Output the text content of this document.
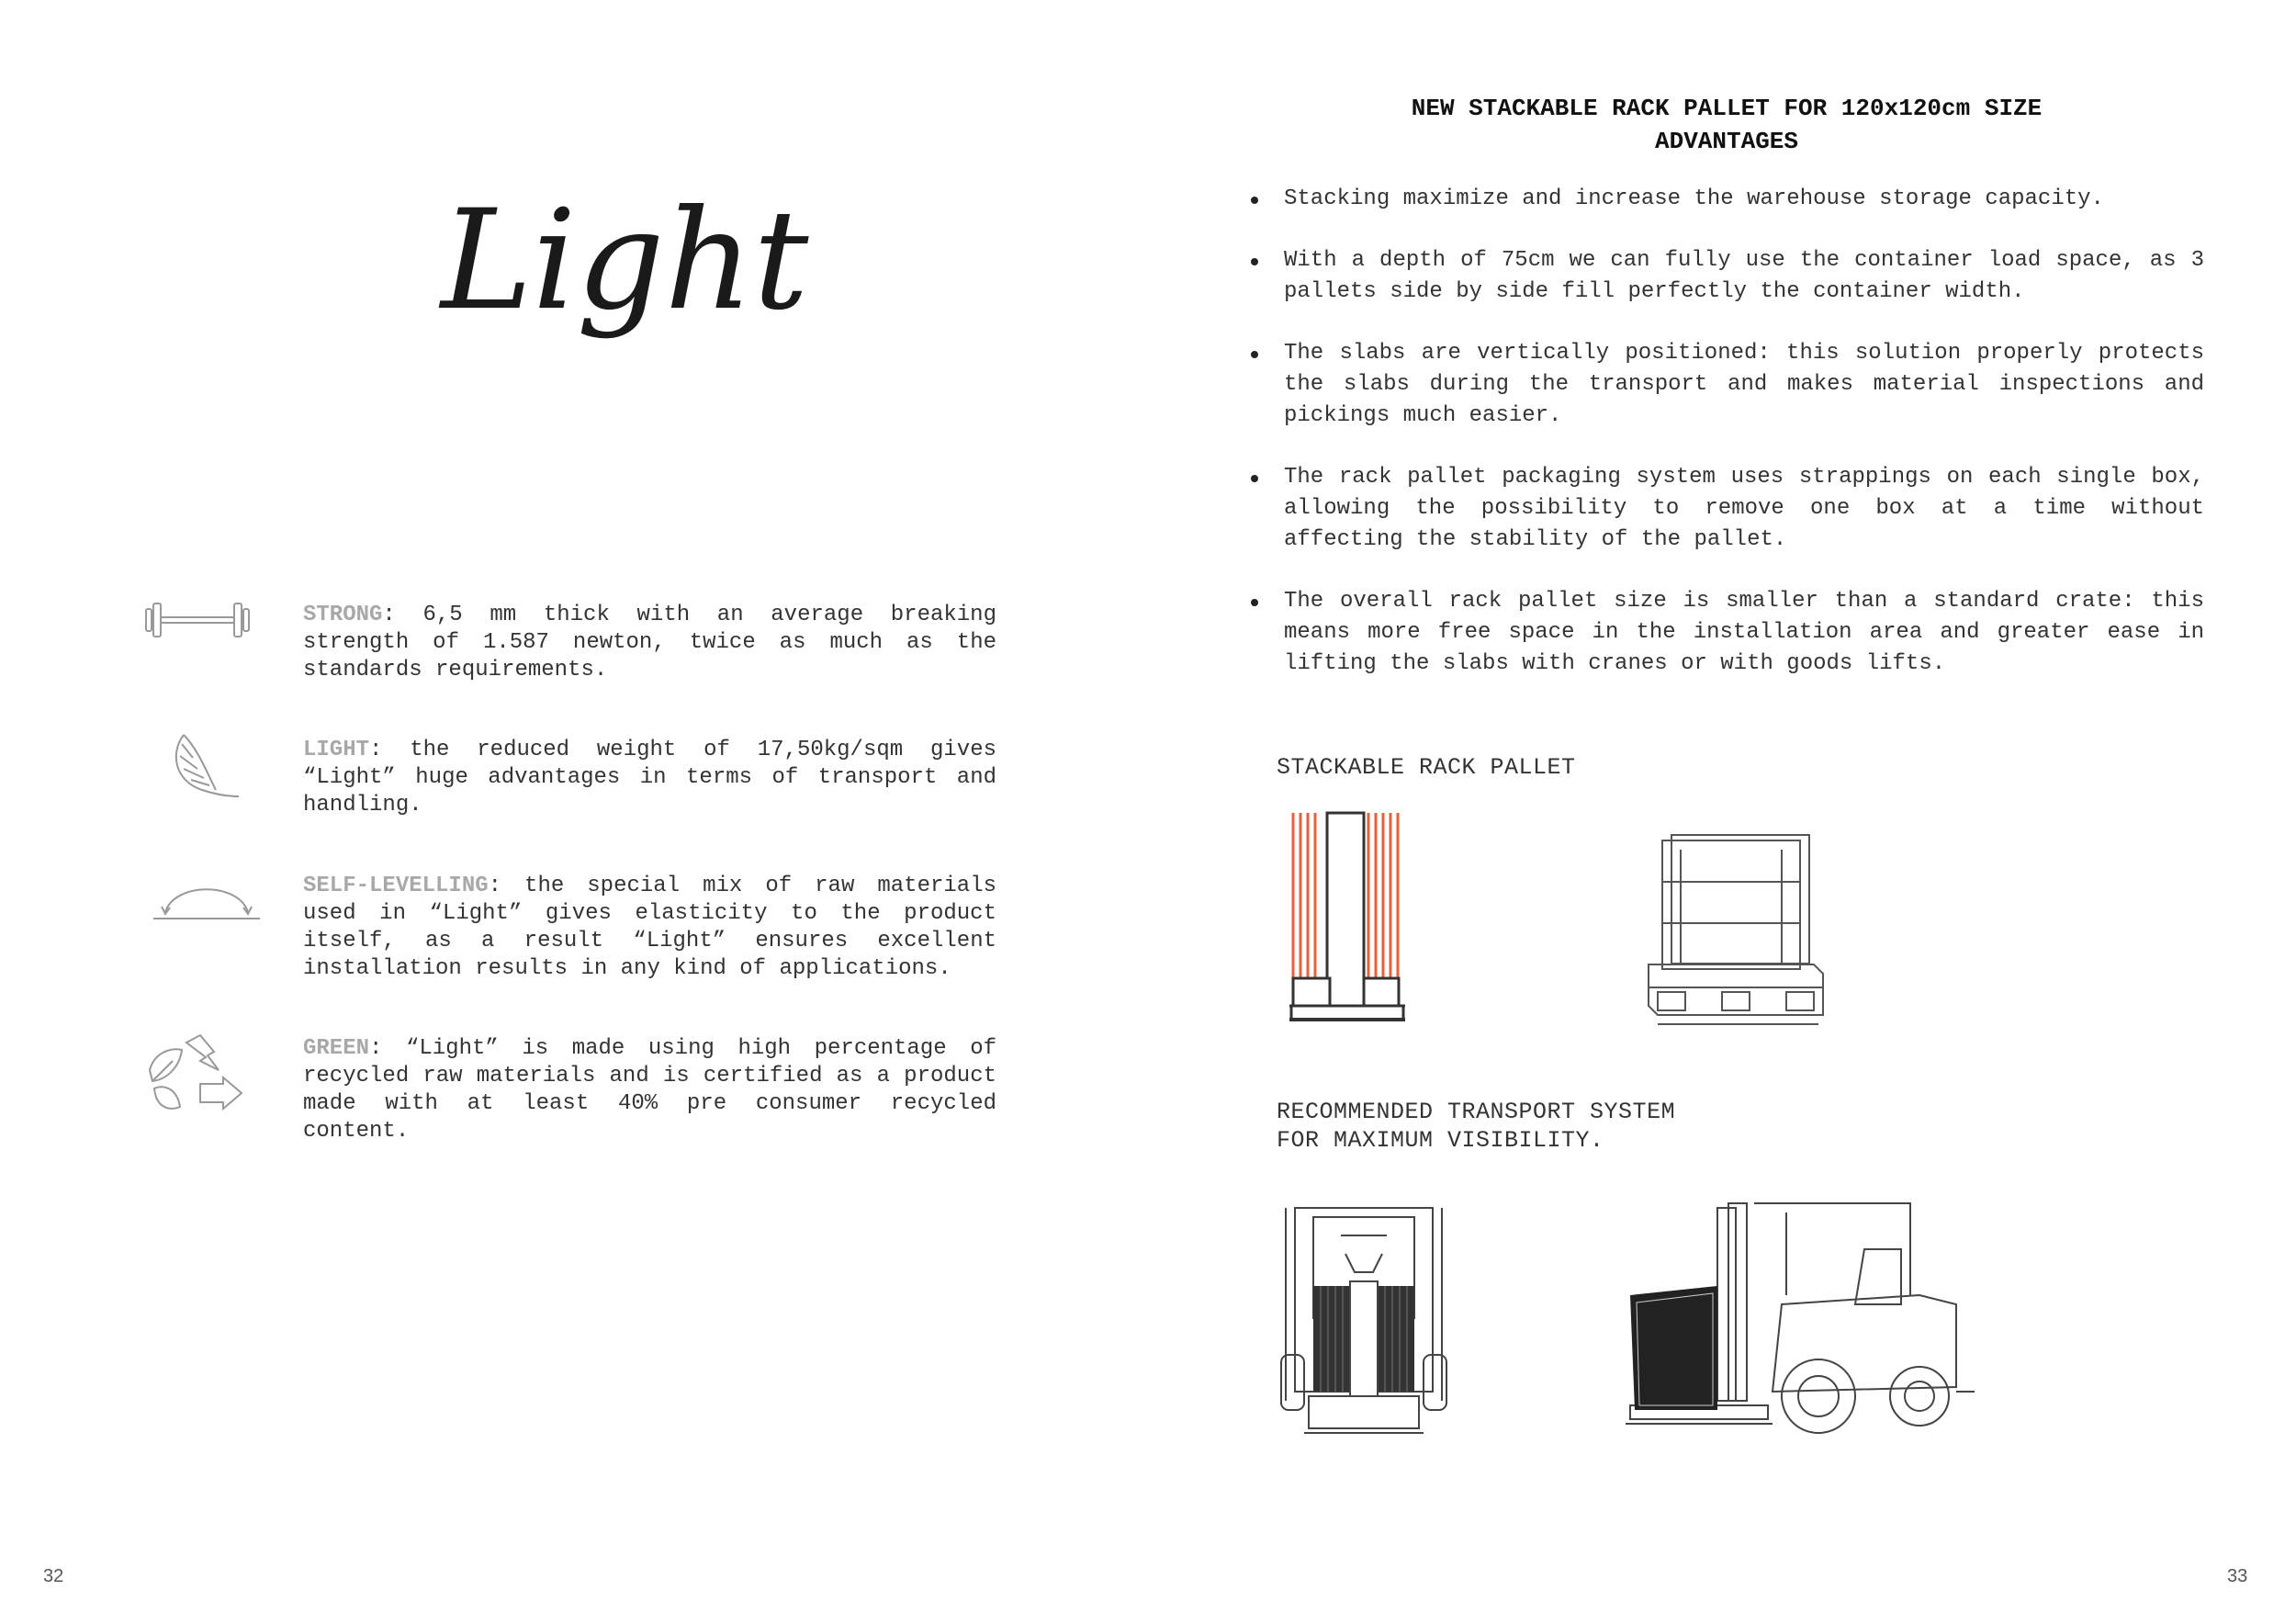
Light
STRONG: 6,5 mm thick with an average breaking strength of 1.587 newton, twice as much as the standards requirements.
LIGHT: the reduced weight of 17,50kg/sqm gives “Light” huge advantages in terms of transport and handling.
SELF-LEVELLING: the special mix of raw materials used in “Light” gives elasticity to the product itself, as a result “Light” ensures excellent installation results in any kind of applications.
GREEN: “Light” is made using high percentage of recycled raw materials and is certified as a product made with at least 40% pre consumer recycled content.
32
NEW STACKABLE RACK PALLET FOR 120x120cm SIZE
ADVANTAGES
Stacking maximize and increase the warehouse storage capacity.
With a depth of 75cm we can fully use the container load space, as 3 pallets side by side fill perfectly the container width.
The slabs are vertically positioned: this solution properly protects the slabs during the transport and makes material inspections and pickings much easier.
The rack pallet packaging system uses strappings on each single box, allowing the possibility to remove one box at a time without affecting the stability of the pallet.
The overall rack pallet size is smaller than a standard crate: this means more free space in the installation area and greater ease in lifting the slabs with cranes or with goods lifts.
STACKABLE RACK PALLET
RECOMMENDED TRANSPORT SYSTEM
FOR MAXIMUM VISIBILITY.
33
